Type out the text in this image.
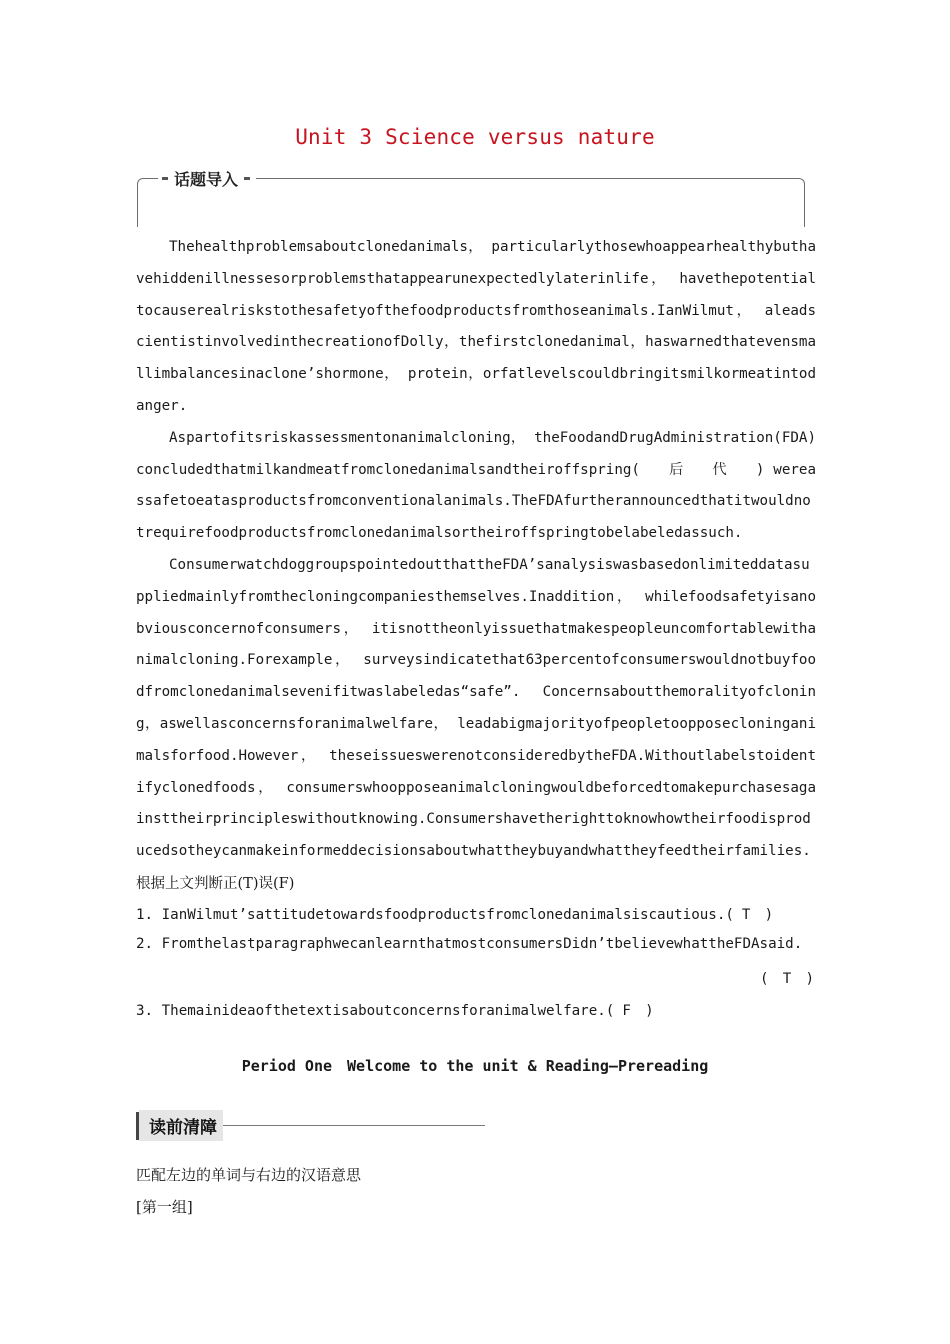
Unit 3 Science versus nature
话题导入

Thehealthproblemsaboutclonedanimals， particularlythosewhoappearhealthybuthavehiddenillnessesorproblemsthatappearunexpectedlylaterinlife， havethepotentialtocauserealriskstothesafetyofthefoodproductsfromthoseanimals.IanWilmut， aleadscientistinvolvedinthecreationofDolly，thefirstclonedanimal，haswarnedthatevensmallimbalancesinaclone’shormone， protein，orfatlevelscouldbringitsmilkormeatintodanger.

Aspartofitsriskassessmentonanimalcloning， theFoodandDrugAdministration(FDA)concludedthatmilkandmeatfromclonedanimalsandtheiroffspring(　　后　　代　　) wereassafetoeatasproductsfromconventionalanimals.TheFDAfurtherannouncedthatitwouldnotrequirefoodproductsfromclonedanimalsortheiroffspringtobelabeledassuch.

ConsumerwatchdoggroupspointedoutthattheFDA’sanalysiswasbasedonlimiteddatasuppliedmainlyfromthecloningcompaniesthemselves.Inaddition， whilefoodsafetyisanobviousconcernofconsumers， itisnottheonlyissuethatmakespeopleuncomfortablewithanimalcloning.Forexample， surveysindicatethat63percentofconsumerswouldnotbuyfoodfromclonedanimalsevenifitwaslabeledas“safe”. Concernsaboutthemoralityofcloning，aswellasconcernsforanimalwelfare， leadabigmajorityofpeopletoopposecloninganimalsforfood.However， theseissueswerenotconsideredbytheFDA.Withoutlabelstoidentifyclonedfoods， consumerswhoopposeanimalcloningwouldbeforcedtomakepurchasesagainsttheirprincipleswithoutknowing.Consumershavetherighttoknowhowtheirfoodisproducedsotheycanmakeinformeddecisionsaboutwhattheybuyandwhattheyfeedtheirfamilies.

根据上文判断正(T)误(F)
1. IanWilmut’sattitudetowardsfoodproductsfromclonedanimalsiscautious.( T　)
2. FromthelastparagraphwecanlearnthatmostconsumersDidn’tbelievewhattheFDAsaid.
(　T　)
3. Themainideaofthetextisaboutconcernsforanimalwelfare.( F　)
Period One　Welcome to the unit & Reading—Prereading
读前清障
匹配左边的单词与右边的汉语意思
[第一组]
